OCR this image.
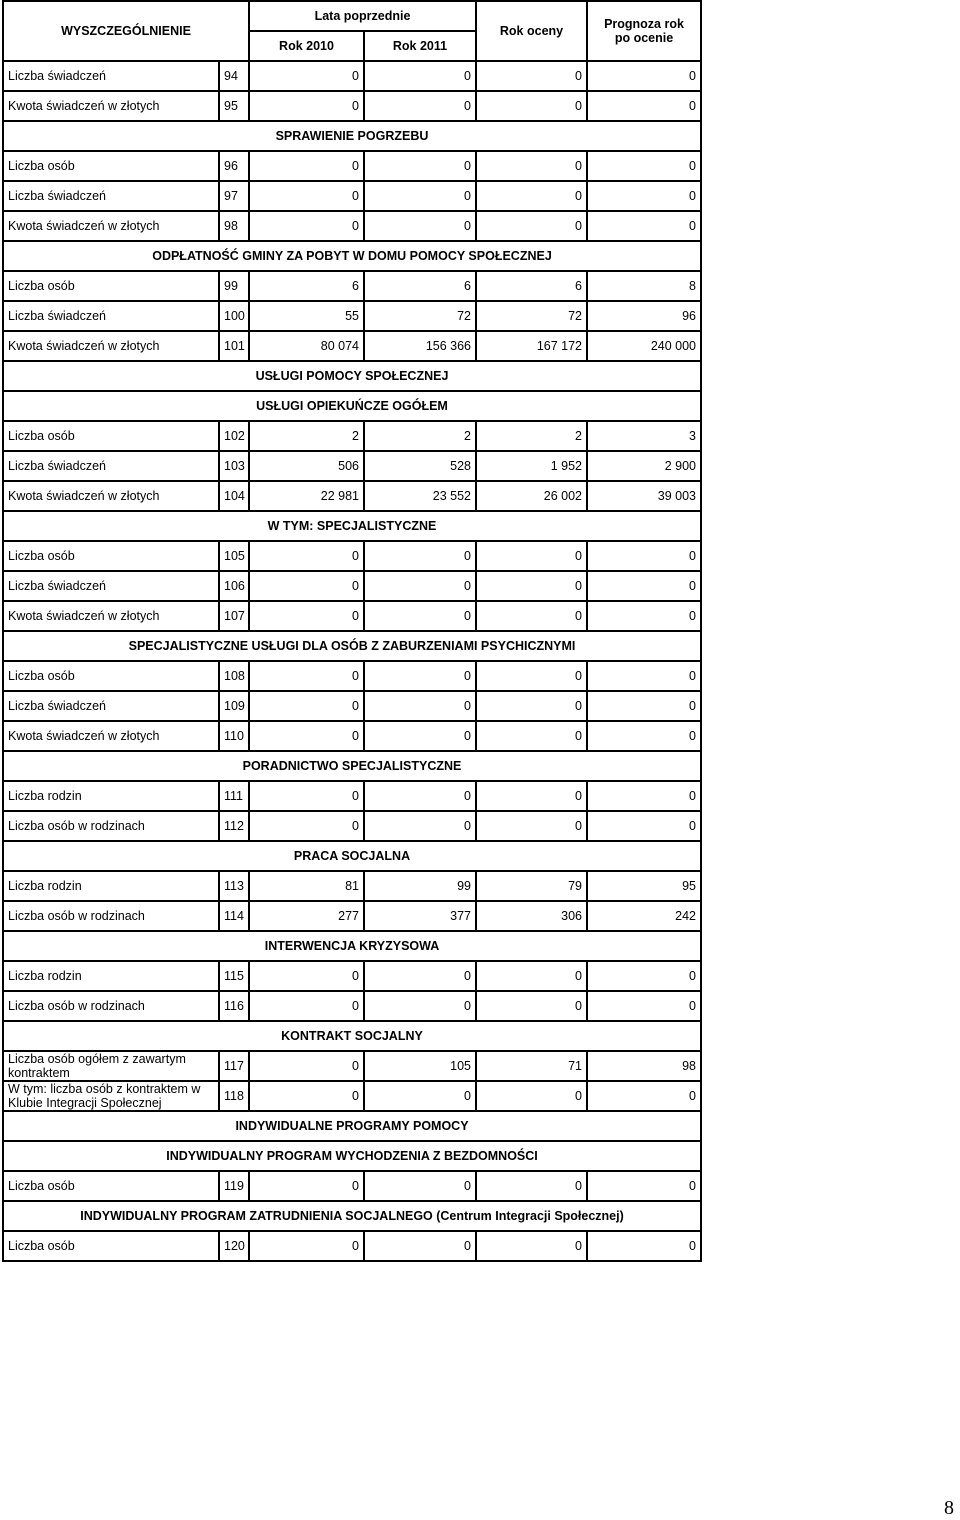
WYSZCZEGÓLNIENIE		Lata poprzednie		Rok oceny	Prognoza rok
po ocenie
		Rok 2010	Rok 2011		
Liczba świadczeń	94	0	0	0	0
Kwota świadczeń w złotych	95	0	0	0	0
SPRAWIENIE POGRZEBU					
Liczba osób	96	0	0	0	0
Liczba świadczeń	97	0	0	0	0
Kwota świadczeń w złotych	98	0	0	0	0
ODPŁATNOŚĆ GMINY ZA POBYT W DOMU POMOCY SPOŁECZNEJ					
Liczba osób	99	6	6	6	8
Liczba świadczeń	100	55	72	72	96
Kwota świadczeń w złotych	101	80 074	156 366	167 172	240 000
USŁUGI POMOCY SPOŁECZNEJ					
USŁUGI OPIEKUŃCZE OGÓŁEM					
Liczba osób	102	2	2	2	3
Liczba świadczeń	103	506	528	1 952	2 900
Kwota świadczeń w złotych	104	22 981	23 552	26 002	39 003
W TYM: SPECJALISTYCZNE					
Liczba osób	105	0	0	0	0
Liczba świadczeń	106	0	0	0	0
Kwota świadczeń w złotych	107	0	0	0	0
SPECJALISTYCZNE USŁUGI DLA OSÓB Z ZABURZENIAMI PSYCHICZNYMI					
Liczba osób	108	0	0	0	0
Liczba świadczeń	109	0	0	0	0
Kwota świadczeń w złotych	110	0	0	0	0
PORADNICTWO SPECJALISTYCZNE					
Liczba rodzin	111	0	0	0	0
Liczba osób w rodzinach	112	0	0	0	0
PRACA SOCJALNA					
Liczba rodzin	113	81	99	79	95
Liczba osób w rodzinach	114	277	377	306	242
INTERWENCJA KRYZYSOWA					
Liczba rodzin	115	0	0	0	0
Liczba osób w rodzinach	116	0	0	0	0
KONTRAKT SOCJALNY					
Liczba osób ogółem z zawartym kontraktem	117	0	105	71	98
W tym: liczba osób z kontraktem w Klubie Integracji Społecznej	118	0	0	0	0
INDYWIDUALNE PROGRAMY POMOCY					
INDYWIDUALNY PROGRAM WYCHODZENIA Z BEZDOMNOŚCI					
Liczba osób	119	0	0	0	0
INDYWIDUALNY PROGRAM ZATRUDNIENIA SOCJALNEGO (Centrum Integracji Społecznej)					
Liczba osób	120	0	0	0	0
8
